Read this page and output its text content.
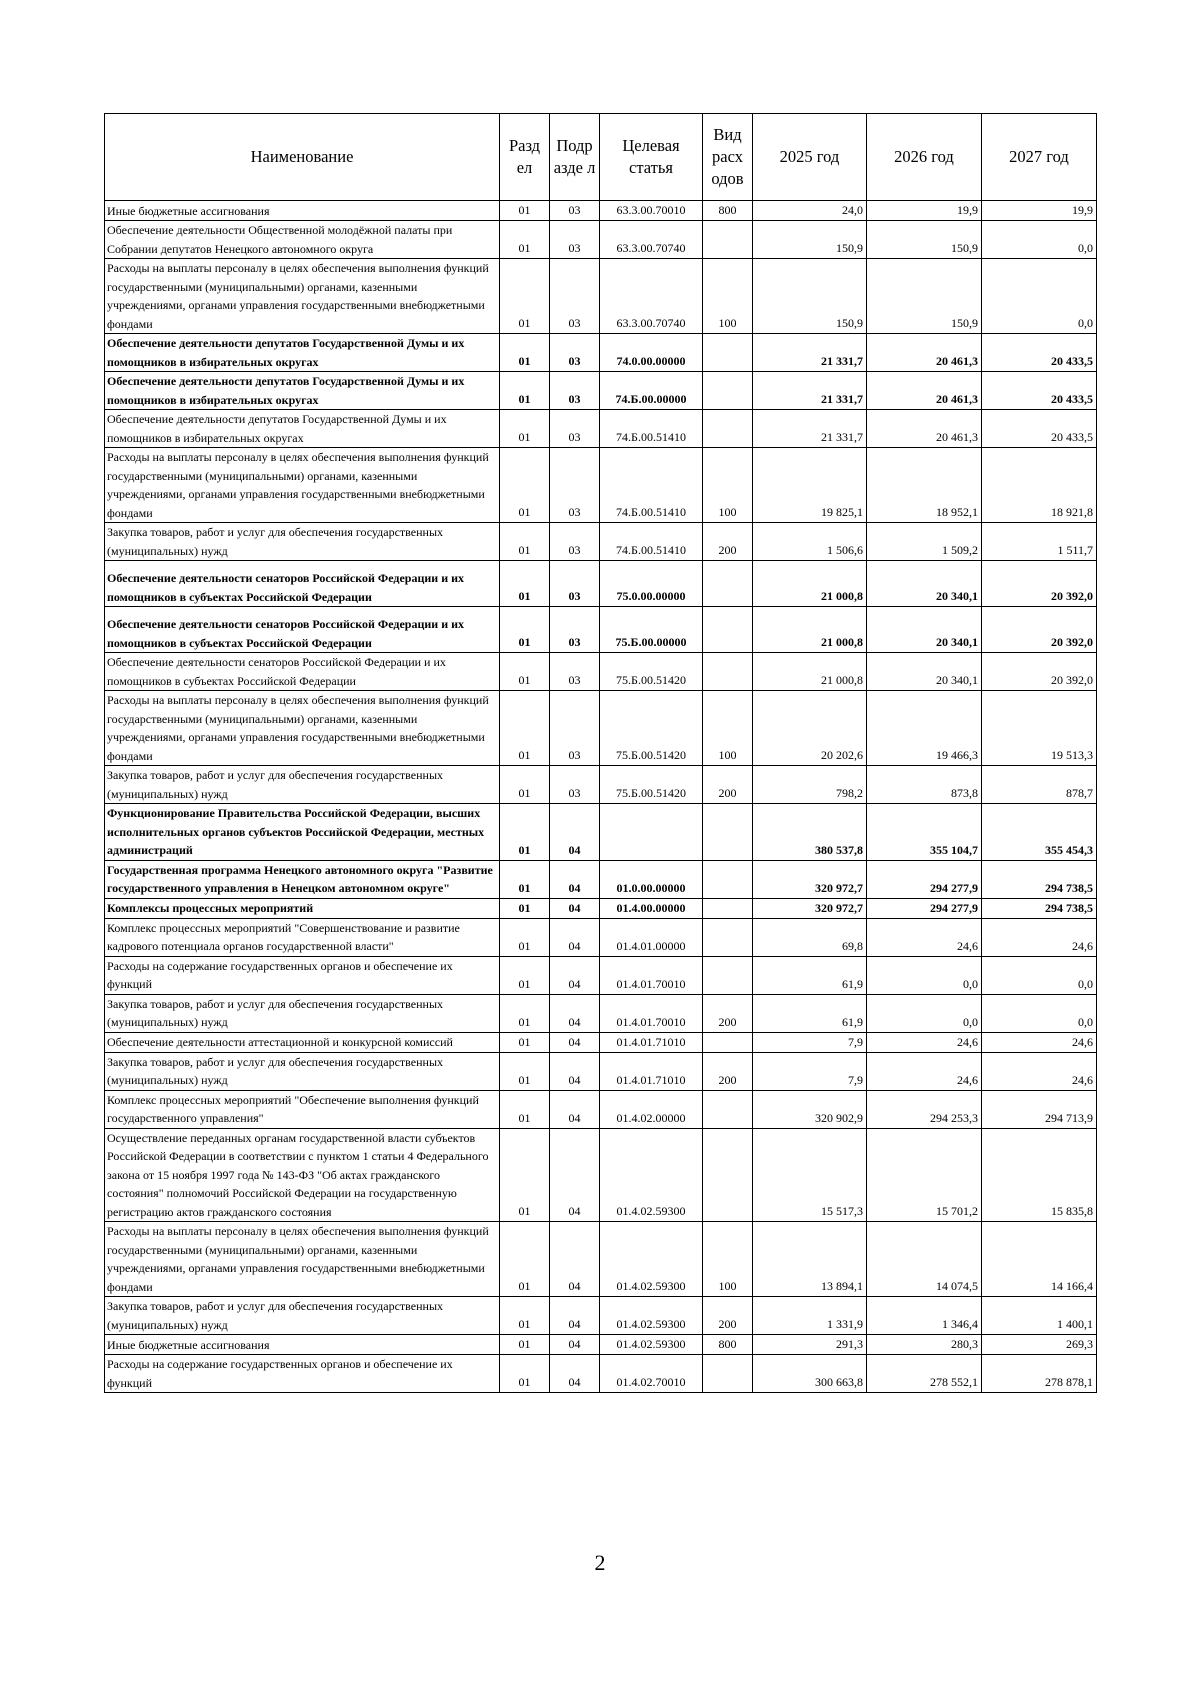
Наименование	Разд ел	Подр азде л	Целевая статья	Вид расх одов	2025 год	2026 год	2027 год
Иные бюджетные ассигнования	01	03	63.3.00.70010	800	24,0	19,9	19,9
Обеспечение деятельности Общественной молодёжной палаты при Собрании депутатов Ненецкого автономного округа	01	03	63.3.00.70740		150,9	150,9	0,0
Расходы на выплаты персоналу в целях обеспечения выполнения функций государственными (муниципальными) органами, казенными учреждениями, органами управления государственными внебюджетными фондами	01	03	63.3.00.70740	100	150,9	150,9	0,0
Обеспечение деятельности депутатов Государственной Думы и их помощников в избирательных округах	01	03	74.0.00.00000		21 331,7	20 461,3	20 433,5
Обеспечение деятельности депутатов Государственной Думы и их помощников в избирательных округах	01	03	74.Б.00.00000		21 331,7	20 461,3	20 433,5
Обеспечение деятельности депутатов Государственной Думы и их помощников в избирательных округах	01	03	74.Б.00.51410		21 331,7	20 461,3	20 433,5
Расходы на выплаты персоналу в целях обеспечения выполнения функций государственными (муниципальными) органами, казенными учреждениями, органами управления государственными внебюджетными фондами	01	03	74.Б.00.51410	100	19 825,1	18 952,1	18 921,8
Закупка товаров, работ и услуг для обеспечения государственных (муниципальных) нужд	01	03	74.Б.00.51410	200	1 506,6	1 509,2	1 511,7
Обеспечение деятельности сенаторов Российской Федерации и их помощников в субъектах Российской Федерации	01	03	75.0.00.00000		21 000,8	20 340,1	20 392,0
Обеспечение деятельности сенаторов Российской Федерации и их помощников в субъектах Российской Федерации	01	03	75.Б.00.00000		21 000,8	20 340,1	20 392,0
Обеспечение деятельности сенаторов Российской Федерации и их помощников в субъектах Российской Федерации	01	03	75.Б.00.51420		21 000,8	20 340,1	20 392,0
Расходы на выплаты персоналу в целях обеспечения выполнения функций государственными (муниципальными) органами, казенными учреждениями, органами управления государственными внебюджетными фондами	01	03	75.Б.00.51420	100	20 202,6	19 466,3	19 513,3
Закупка товаров, работ и услуг для обеспечения государственных (муниципальных) нужд	01	03	75.Б.00.51420	200	798,2	873,8	878,7
Функционирование Правительства Российской Федерации, высших исполнительных органов субъектов Российской Федерации, местных администраций	01	04			380 537,8	355 104,7	355 454,3
Государственная программа Ненецкого автономного округа "Развитие государственного управления в Ненецком автономном округе"	01	04	01.0.00.00000		320 972,7	294 277,9	294 738,5
Комплексы процессных мероприятий	01	04	01.4.00.00000		320 972,7	294 277,9	294 738,5
Комплекс процессных мероприятий "Совершенствование и развитие кадрового потенциала органов государственной власти"	01	04	01.4.01.00000		69,8	24,6	24,6
Расходы на содержание государственных органов и обеспечение их функций	01	04	01.4.01.70010		61,9	0,0	0,0
Закупка товаров, работ и услуг для обеспечения государственных (муниципальных) нужд	01	04	01.4.01.70010	200	61,9	0,0	0,0
Обеспечение деятельности аттестационной и конкурсной комиссий	01	04	01.4.01.71010		7,9	24,6	24,6
Закупка товаров, работ и услуг для обеспечения государственных (муниципальных) нужд	01	04	01.4.01.71010	200	7,9	24,6	24,6
Комплекс процессных мероприятий "Обеспечение выполнения функций государственного управления"	01	04	01.4.02.00000		320 902,9	294 253,3	294 713,9
Осуществление переданных органам государственной власти субъектов Российской Федерации в соответствии с пунктом 1 статьи 4 Федерального закона от 15 ноября 1997 года № 143-ФЗ "Об актах гражданского состояния" полномочий Российской Федерации на государственную регистрацию актов гражданского состояния	01	04	01.4.02.59300		15 517,3	15 701,2	15 835,8
Расходы на выплаты персоналу в целях обеспечения выполнения функций государственными (муниципальными) органами, казенными учреждениями, органами управления государственными внебюджетными фондами	01	04	01.4.02.59300	100	13 894,1	14 074,5	14 166,4
Закупка товаров, работ и услуг для обеспечения государственных (муниципальных) нужд	01	04	01.4.02.59300	200	1 331,9	1 346,4	1 400,1
Иные бюджетные ассигнования	01	04	01.4.02.59300	800	291,3	280,3	269,3
Расходы на содержание государственных органов и обеспечение их функций	01	04	01.4.02.70010		300 663,8	278 552,1	278 878,1
2
